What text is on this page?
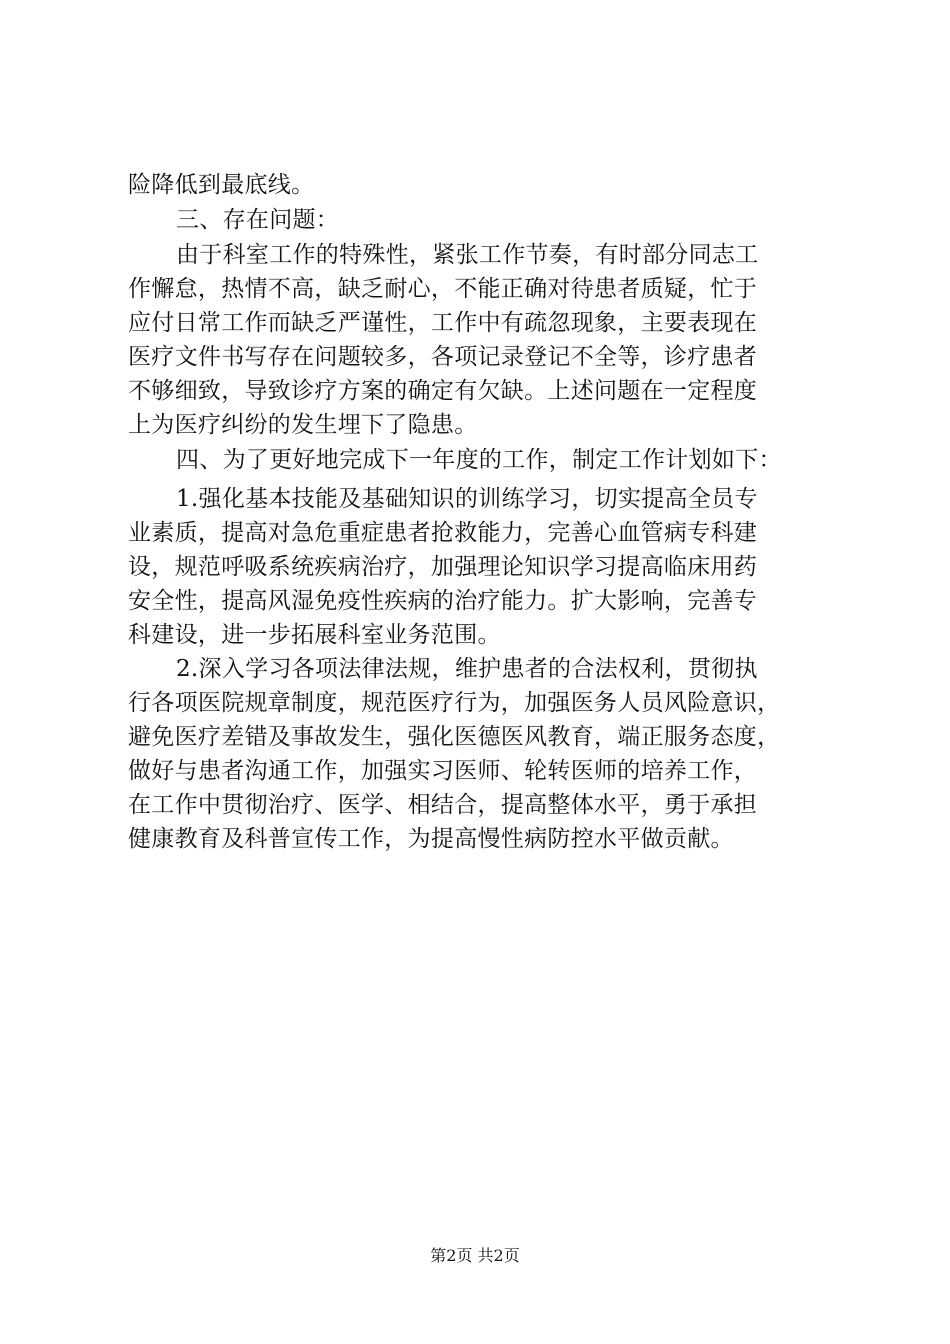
险降低到最底线。
三、存在问题：
由于科室工作的特殊性，紧张工作节奏，有时部分同志工
作懈怠，热情不高，缺乏耐心，不能正确对待患者质疑，忙于
应付日常工作而缺乏严谨性，工作中有疏忽现象，主要表现在
医疗文件书写存在问题较多，各项记录登记不全等，诊疗患者
不够细致，导致诊疗方案的确定有欠缺。上述问题在一定程度
上为医疗纠纷的发生埋下了隐患。
四、为了更好地完成下一年度的工作，制定工作计划如下：
1.强化基本技能及基础知识的训练学习，切实提高全员专
业素质，提高对急危重症患者抢救能力，完善心血管病专科建
设，规范呼吸系统疾病治疗，加强理论知识学习提高临床用药
安全性，提高风湿免疫性疾病的治疗能力。扩大影响，完善专
科建设，进一步拓展科室业务范围。
2.深入学习各项法律法规，维护患者的合法权利，贯彻执
行各项医院规章制度，规范医疗行为，加强医务人员风险意识，
避免医疗差错及事故发生，强化医德医风教育，端正服务态度，
做好与患者沟通工作，加强实习医师、轮转医师的培养工作，
在工作中贯彻治疗、医学、相结合，提高整体水平，勇于承担
健康教育及科普宣传工作，为提高慢性病防控水平做贡献。
第2页 共2页
